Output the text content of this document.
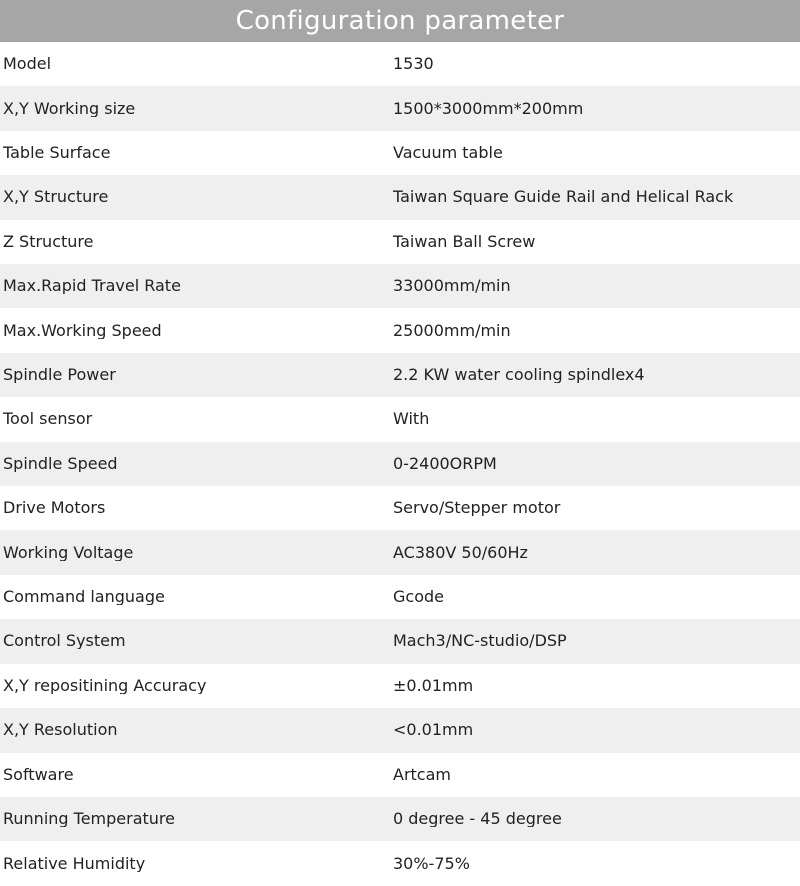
Configuration parameter
Model	1530
X,Y Working size	1500*3000mm*200mm
Table Surface	Vacuum table
X,Y Structure	Taiwan Square Guide Rail and Helical Rack
Z Structure	Taiwan Ball Screw
Max.Rapid Travel Rate	33000mm/min
Max.Working Speed	25000mm/min
Spindle Power	2.2 KW water cooling spindlex4
Tool sensor	With
Spindle Speed	0-2400ORPM
Drive Motors	Servo/Stepper motor
Working Voltage	AC380V 50/60Hz
Command language	Gcode
Control System	Mach3/NC-studio/DSP
X,Y repositining Accuracy	±0.01mm
X,Y Resolution	<0.01mm
Software	Artcam
Running Temperature	0 degree - 45 degree
Relative Humidity	30%-75%
